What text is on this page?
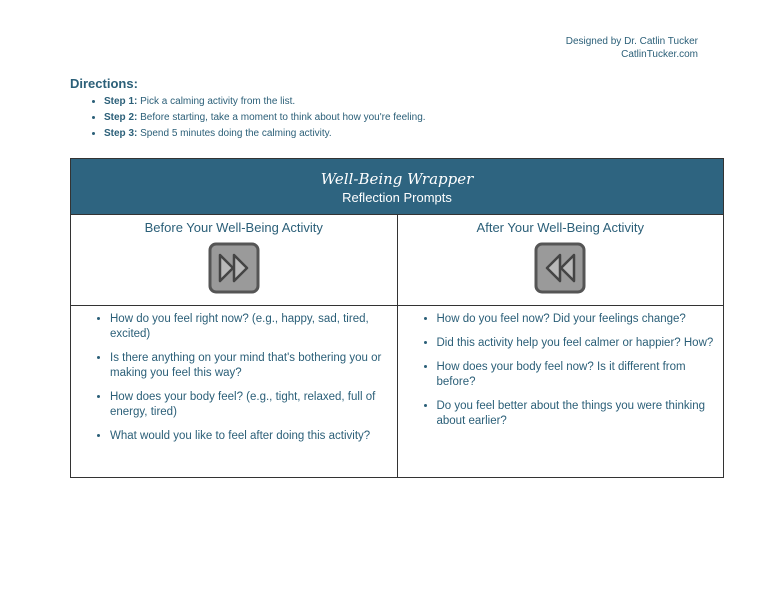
Designed by Dr. Catlin Tucker
CatlinTucker.com
Directions:
• Step 1: Pick a calming activity from the list.
• Step 2: Before starting, take a moment to think about how you're feeling.
• Step 3: Spend 5 minutes doing the calming activity.
Well-Being Wrapper
Reflection Prompts
Before Your Well-Being Activity
• How do you feel right now? (e.g., happy, sad, tired, excited)
• Is there anything on your mind that's bothering you or making you feel this way?
• How does your body feel? (e.g., tight, relaxed, full of energy, tired)
• What would you like to feel after doing this activity?
After Your Well-Being Activity
• How do you feel now? Did your feelings change?
• Did this activity help you feel calmer or happier? How?
• How does your body feel now? Is it different from before?
• Do you feel better about the things you were thinking about earlier?
